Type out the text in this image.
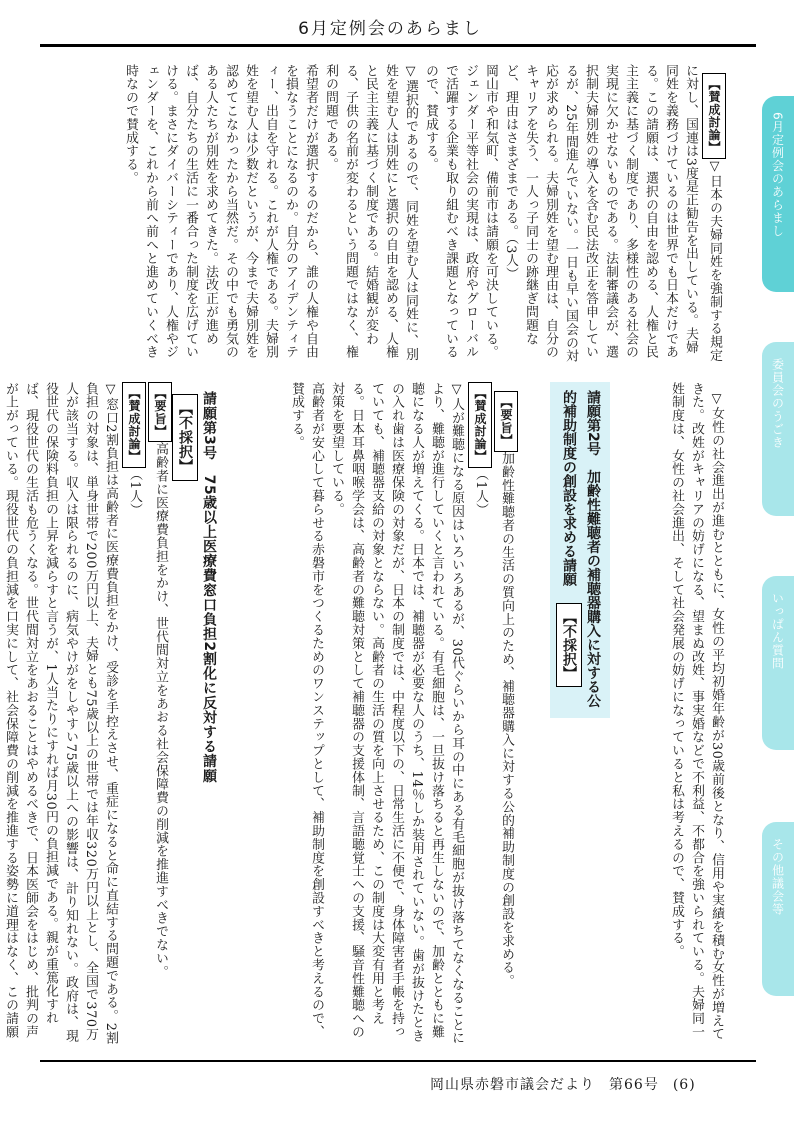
6月定例会のあらまし

【賛成討論】▽日本の夫婦同姓を強制する規定に対し、国連は3度是正勧告を出している。夫婦同姓を義務づけているのは世界でも日本だけである。この請願は、選択の自由を認める、人権と民主主義に基づく制度であり、多様性のある社会の実現に欠かせないものである。法制審議会が、選択制夫婦別姓の導入を含む民法改正を答申しているが、25年間進んでいない。一日も早い国会の対応が求められる。夫婦別姓を望む理由は、自分のキャリアを失う、一人っ子同士の跡継ぎ問題など、理由はさまざまである。（3人）
岡山市や和気町、備前市は請願を可決している。ジェンダー平等社会の実現は、政府やグローバルで活躍する企業も取り組むべき課題となっているので、賛成する。
▽選択的であるので、同姓を望む人は同姓に、別姓を望む人は別姓にと選択の自由を認める、人権と民主主義に基づく制度である。結婚観が変わる、子供の名前が変わるという問題ではなく、権利の問題である。
希望者だけが選択するのだから、誰の人権や自由を損なうことになるのか。自分のアイデンティティー、出自を守れる。これが人権である。夫婦別姓を望む人は少数だというが、今まで夫婦別姓を認めてこなかったから当然だ。その中でも勇気のある人たちが別姓を求めてきた。法改正が進めば、自分たちの生活に一番合った制度を広げていける。まさにダイバーシティーであり、人権やジェンダーを、これから前へ前へと進めていくべき時なので賛成する。

▽女性の社会進出が進むとともに、女性の平均初婚年齢が30歳前後となり、信用や実績を積む女性が増えてきた。改姓がキャリアの妨げになる、望まぬ改姓、事実婚などで不利益、不都合を強いられている。夫婦同一姓制度は、女性の社会進出、そして社会発展の妨げになっていると私は考えるので、賛成する。

請願第2号　加齢性難聴者の補聴器購入に対する公的補助制度の創設を求める請願 【不採択】

【要旨】加齢性難聴者の生活の質向上のため、補聴器購入に対する公的補助制度の創設を求める。
【賛成討論】（1人）
▽人が難聴になる原因はいろいろあるが、30代ぐらいから耳の中にある有毛細胞が抜け落ちてなくなることにより、難聴が進行していくと言われている。有毛細胞は、一旦抜け落ちると再生しないので、加齢とともに難聴になる人が増えてくる。日本では、補聴器が必要な人のうち、14％しか装用されていない。歯が抜けたときの入れ歯は医療保険の対象だが、日本の制度では、中程度以下の、日常生活に不便で、身体障害者手帳を持っていても、補聴器支給の対象とならない。高齢者の生活の質を向上させるため、この制度は大変有用と考える。日本耳鼻咽喉学会は、高齢者の難聴対策として補聴器の支援体制、言語聴覚士への支援、騒音性難聴への対策を要望している。
高齢者が安心して暮らせる赤磐市をつくるためのワンステップとして、補助制度を創設すべきと考えるので、賛成する。

請願第3号　75歳以上医療費窓口負担2割化に反対する請願
【不採択】
【要旨】高齢者に医療費負担をかけ、世代間対立をあおる社会保障費の削減を推進すべきでない。
【賛成討論】（1人）
▽窓口2割負担は高齢者に医療費負担をかけ、受診を手控えさせ、重症になると命に直結する問題である。2割負担の対象は、単身世帯で200万円以上、夫婦とも75歳以上の世帯では年収320万円以上とし、全国で370万人が該当する。収入は限られるのに、病気やけがをしやすい75歳以上への影響は、計り知れない。政府は、現役世代の保険料負担の上昇を減らすと言うが、1人当たりにすれば月30円の負担減である。親が重篤化すれば、現役世代の生活も危うくなる。世代間対立をあおることはやめるべきで、日本医師会をはじめ、批判の声が上がっている。現役世代の負担減を口実にして、社会保障費の削減を推進する姿勢に道理はなく、この請願

6月定例会のあらまし
委員会のうごき
いっぱん質問
その他議会等
岡山県赤磐市議会だより 第66号 (6)
